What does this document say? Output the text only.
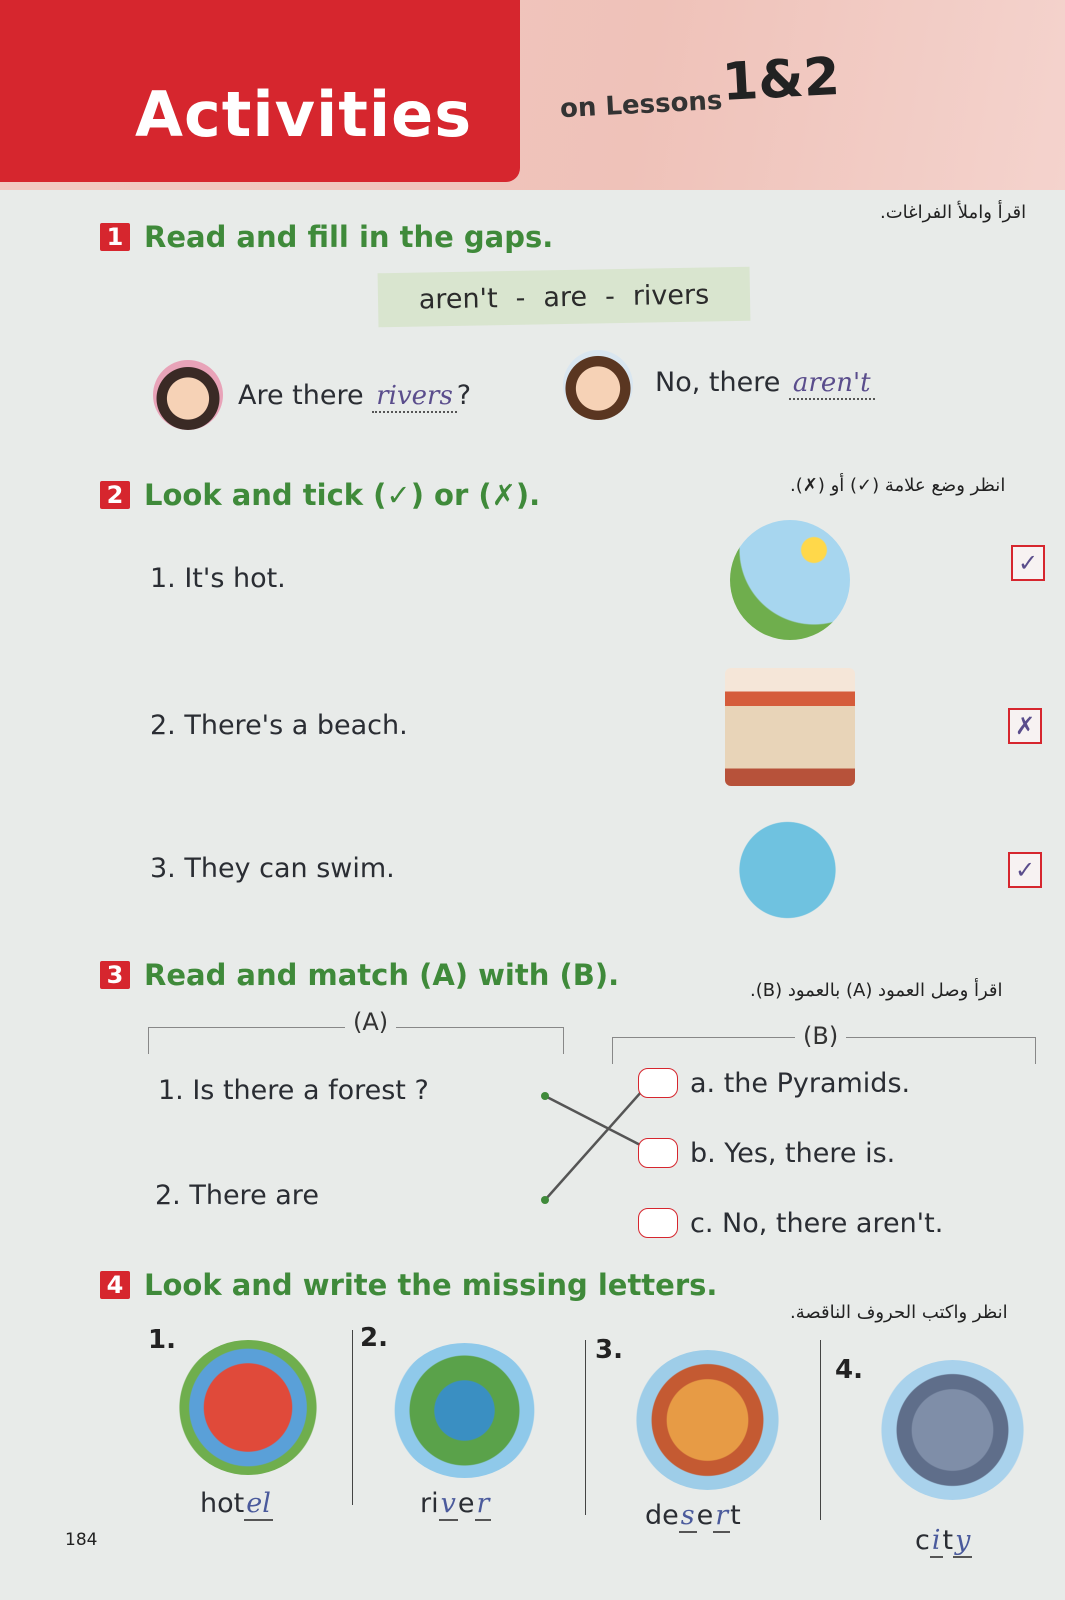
Activities	on Lessons
1&2
اقرأ واملأ الفراغات.
1 Read and fill in the gaps.
aren't - are - rivers
Are there rivers ?	No, there aren't
انظر وضع علامة (✓) أو (✗).
2 Look and tick (✓) or (✗).
1. It's hot.	✓
2. There's a beach.	✗
3. They can swim.	✓
اقرأ وصل العمود (A) بالعمود (B).
3 Read and match (A) with (B).
(A)	(B)
1. Is there a forest ?
2. There are
a. the Pyramids.
b. Yes, there is.
c. No, there aren't.
4 Look and write the missing letters.
انظر واكتب الحروف الناقصة.
1.
hotel
2.
river
3.
desert
4.
city
184
